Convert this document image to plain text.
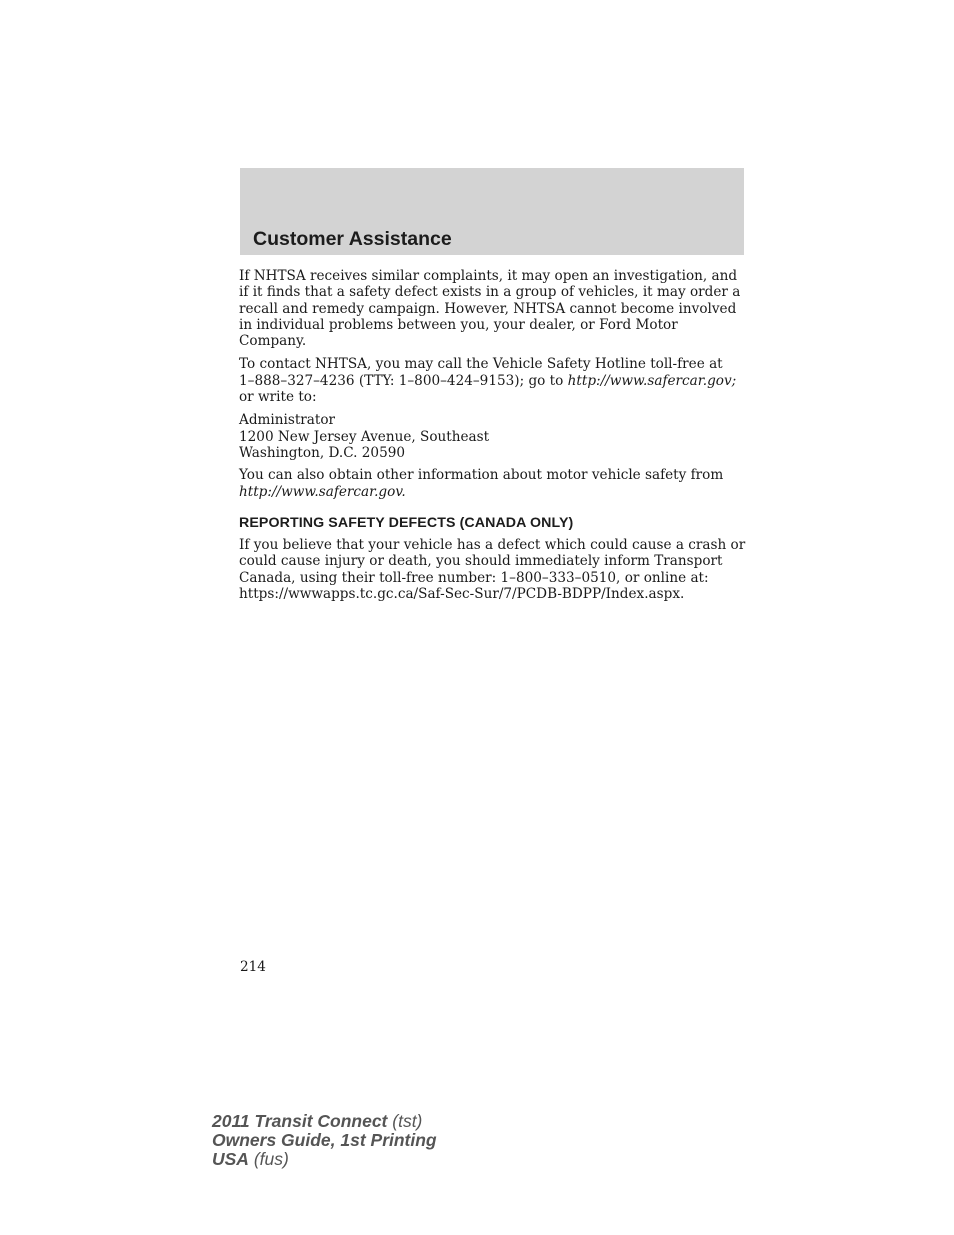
Customer Assistance

If NHTSA receives similar complaints, it may open an investigation, and
if it finds that a safety defect exists in a group of vehicles, it may order a
recall and remedy campaign. However, NHTSA cannot become involved
in individual problems between you, your dealer, or Ford Motor
Company.

To contact NHTSA, you may call the Vehicle Safety Hotline toll-free at
1–888–327–4236 (TTY: 1–800–424–9153); go to http://www.safercar.gov;
or write to:

Administrator
1200 New Jersey Avenue, Southeast
Washington, D.C. 20590

You can also obtain other information about motor vehicle safety from
http://www.safercar.gov.

REPORTING SAFETY DEFECTS (CANADA ONLY)

If you believe that your vehicle has a defect which could cause a crash or
could cause injury or death, you should immediately inform Transport
Canada, using their toll-free number: 1–800–333–0510, or online at:
https://wwwapps.tc.gc.ca/Saf-Sec-Sur/7/PCDB-BDPP/Index.aspx.

214
2011 Transit Connect (tst)
Owners Guide, 1st Printing
USA (fus)
